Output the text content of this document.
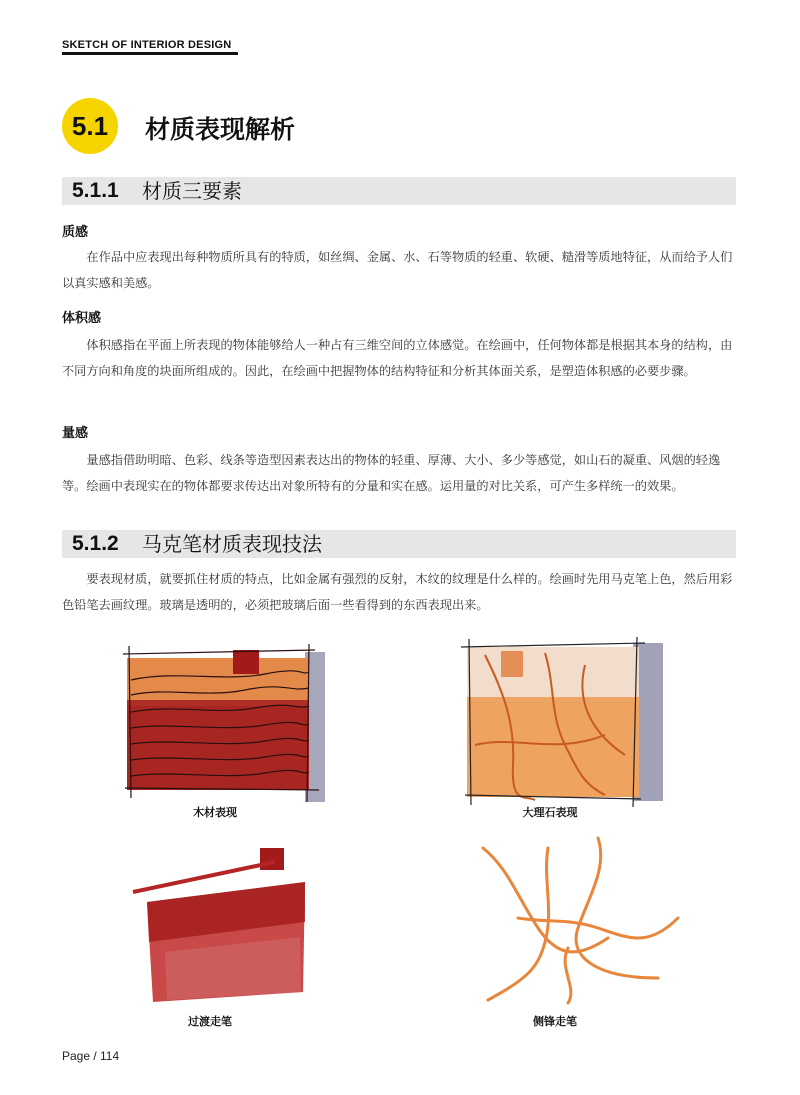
SKETCH OF INTERIOR DESIGN
5.1	材质表现解析
5.1.1 材质三要素
质感

在作品中应表现出每种物质所具有的特质，如丝绸、金属、水、石等物质的轻重、软硬、糙滑等质地特征，从而给予人们以真实感和美感。

体积感

体积感指在平面上所表现的物体能够给人一种占有三维空间的立体感觉。在绘画中，任何物体都是根据其本身的结构，由不同方向和角度的块面所组成的。因此，在绘画中把握物体的结构特征和分析其体面关系，是塑造体积感的必要步骤。

量感

量感指借助明暗、色彩、线条等造型因素表达出的物体的轻重、厚薄、大小、多少等感觉，如山石的凝重、风烟的轻逸等。绘画中表现实在的物体都要求传达出对象所特有的分量和实在感。运用量的对比关系，可产生多样统一的效果。

5.1.2 马克笔材质表现技法

要表现材质，就要抓住材质的特点，比如金属有强烈的反射，木纹的纹理是什么样的。绘画时先用马克笔上色，然后用彩色铅笔去画纹理。玻璃是透明的，必须把玻璃后面一些看得到的东西表现出来。

木材表现	大理石表现
过渡走笔	侧锋走笔
Page / 114
